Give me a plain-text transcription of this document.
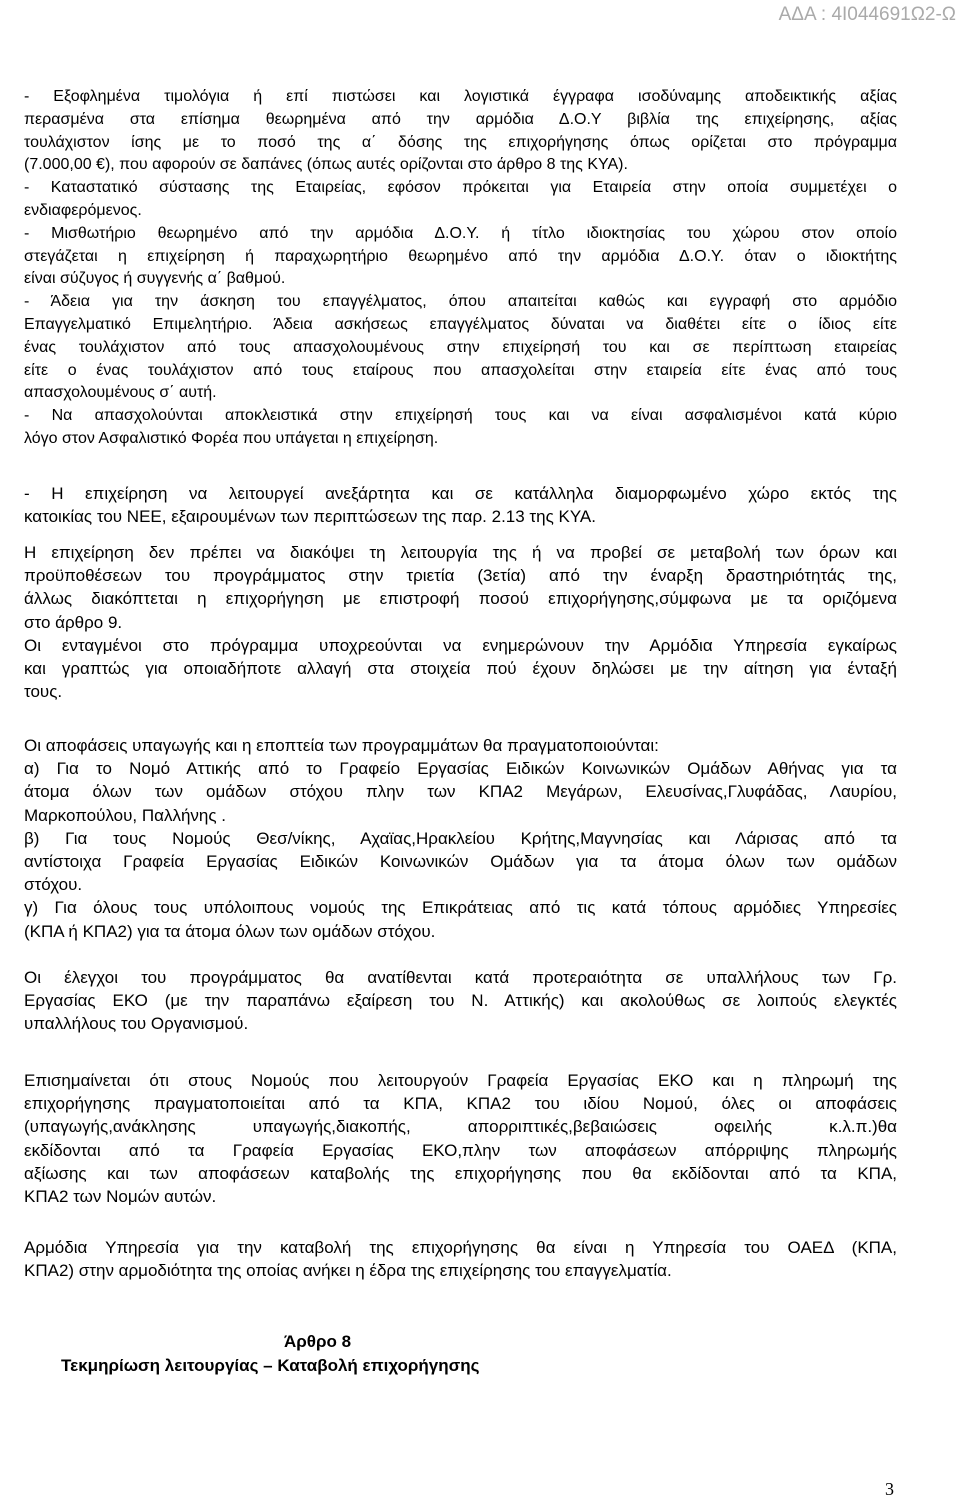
ΑΔΑ : 4Ι044691Ω2-Ω
- Εξοφλημένα τιμολόγια ή επί πιστώσει και λογιστικά έγγραφα ισοδύναμης αποδεικτικής αξίας
περασμένα στα επίσημα θεωρημένα από την αρμόδια Δ.Ο.Υ βιβλία της επιχείρησης, αξίας
τουλάχιστον ίσης με το ποσό της α΄ δόσης της επιχορήγησης όπως ορίζεται στο πρόγραμμα
(7.000,00 €), που αφορούν σε δαπάνες (όπως αυτές ορίζονται στο άρθρο 8 της ΚΥΑ).
- Καταστατικό σύστασης της Εταιρείας, εφόσον πρόκειται για Εταιρεία στην οποία συμμετέχει ο
ενδιαφερόμενος.
- Μισθωτήριο θεωρημένο από την αρμόδια Δ.Ο.Υ. ή τίτλο ιδιοκτησίας του χώρου στον οποίο
στεγάζεται η επιχείρηση ή παραχωρητήριο θεωρημένο από την αρμόδια Δ.Ο.Υ. όταν ο ιδιοκτήτης
είναι σύζυγος ή συγγενής α΄ βαθμού.
- Άδεια για την άσκηση του επαγγέλματος, όπου απαιτείται καθώς και εγγραφή στο αρμόδιο
Επαγγελματικό Επιμελητήριο. Άδεια ασκήσεως επαγγέλματος δύναται να διαθέτει είτε ο ίδιος είτε
ένας τουλάχιστον από τους απασχολουμένους στην επιχείρησή του και σε περίπτωση εταιρείας
είτε ο ένας τουλάχιστον από τους εταίρους που απασχολείται στην εταιρεία είτε ένας από τους
απασχολουμένους σ΄ αυτή.
- Να απασχολούνται αποκλειστικά στην επιχείρησή τους και να είναι ασφαλισμένοι κατά κύριο
λόγο στον Ασφαλιστικό Φορέα που υπάγεται η επιχείρηση.
- Η επιχείρηση να λειτουργεί ανεξάρτητα και σε κατάλληλα διαμορφωμένο χώρο εκτός της
κατοικίας του ΝΕΕ, εξαιρουμένων των περιπτώσεων της παρ. 2.13 της ΚΥΑ.
Η επιχείρηση δεν πρέπει να διακόψει τη λειτουργία της ή να προβεί σε μεταβολή των όρων και
προϋποθέσεων του προγράμματος στην τριετία (3ετία) από την έναρξη δραστηριότητάς της,
άλλως διακόπτεται η επιχορήγηση με επιστροφή ποσού επιχορήγησης,σύμφωνα με τα οριζόμενα
στο άρθρο 9.
Οι ενταγμένοι στο πρόγραμμα υποχρεούνται να ενημερώνουν την Αρμόδια Υπηρεσία εγκαίρως
και γραπτώς για οποιαδήποτε αλλαγή στα στοιχεία πού έχουν δηλώσει με την αίτηση για ένταξή
τους.
Οι αποφάσεις υπαγωγής και η εποπτεία των προγραμμάτων θα πραγματοποιούνται:
α) Για το Νομό Αττικής από το Γραφείο Εργασίας Ειδικών Κοινωνικών Ομάδων Αθήνας για τα
άτομα όλων των ομάδων στόχου πλην των ΚΠΑ2 Μεγάρων, Ελευσίνας,Γλυφάδας, Λαυρίου,
Μαρκοπούλου, Παλλήνης .
β) Για τους Νομούς Θεσ/νίκης, Αχαϊας,Ηρακλείου Κρήτης,Μαγνησίας και Λάρισας από τα
αντίστοιχα Γραφεία Εργασίας Ειδικών Κοινωνικών Ομάδων για τα άτομα όλων των ομάδων
στόχου.
γ) Για όλους τους υπόλοιπους νομούς της Επικράτειας από τις κατά τόπους αρμόδιες Υπηρεσίες
(ΚΠΑ ή ΚΠΑ2) για τα άτομα όλων των ομάδων στόχου.
Οι έλεγχοι του προγράμματος θα ανατίθενται κατά προτεραιότητα σε υπαλλήλους των Γρ.
Εργασίας ΕΚΟ (με την παραπάνω εξαίρεση του Ν. Αττικής) και ακολούθως σε λοιπούς ελεγκτές
υπαλλήλους του Οργανισμού.
Επισημαίνεται ότι στους Νομούς που λειτουργούν Γραφεία Εργασίας ΕΚΟ και η πληρωμή της
επιχορήγησης πραγματοποιείται από τα ΚΠΑ, ΚΠΑ2 του ιδίου Νομού, όλες οι αποφάσεις
(υπαγωγής,ανάκλησης υπαγωγής,διακοπής, απορριπτικές,βεβαιώσεις οφειλής κ.λ.π.)θα
εκδίδονται από τα Γραφεία Εργασίας ΕΚΟ,πλην των αποφάσεων απόρριψης πληρωμής
αξίωσης και των αποφάσεων καταβολής της επιχορήγησης που θα εκδίδονται από τα ΚΠΑ,
ΚΠΑ2 των Νομών αυτών.
Αρμόδια Υπηρεσία για την καταβολή της επιχορήγησης θα είναι η Υπηρεσία του ΟΑΕΔ (ΚΠΑ,
ΚΠΑ2) στην αρμοδιότητα της οποίας ανήκει η έδρα της επιχείρησης του επαγγελματία.
Άρθρο 8
Τεκμηρίωση λειτουργίας – Καταβολή επιχορήγησης
3
